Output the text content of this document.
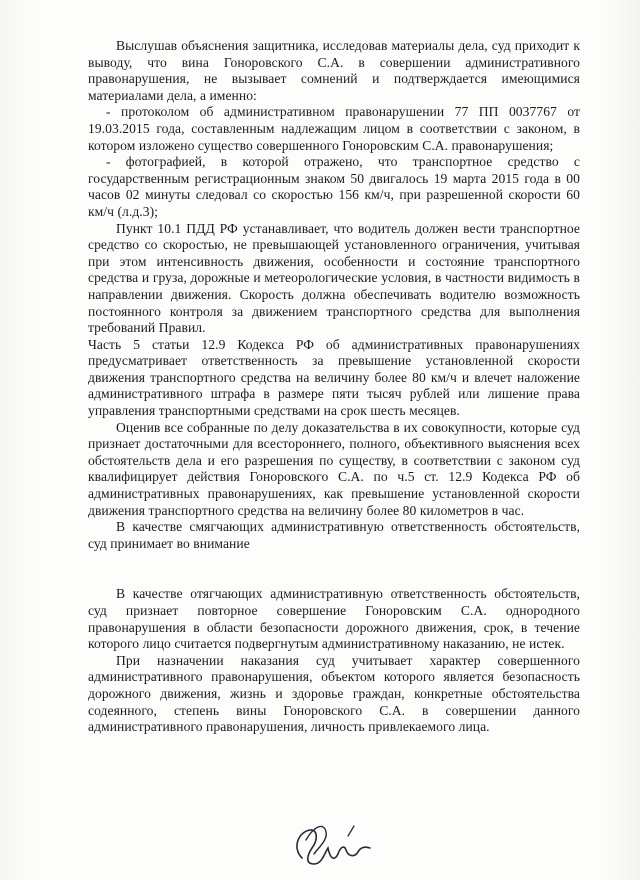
Выслушав объяснения защитника, исследовав материалы дела, суд приходит к выводу, что вина Гоноровского С.А. в совершении административного правонарушения, не вызывает сомнений и подтверждается имеющимися материалами дела, а именно:

- протоколом об административном правонарушении 77 ПП 0037767 от 19.03.2015 года, составленным надлежащим лицом в соответствии с законом, в котором изложено существо совершенного Гоноровским С.А. правонарушения;

- фотографией, в которой отражено, что транспортное средство с государственным регистрационным знаком 50 двигалось 19 марта 2015 года в 00 часов 02 минуты следовал со скоростью 156 км/ч, при разрешенной скорости 60 км/ч (л.д.3);

Пункт 10.1 ПДД РФ устанавливает, что водитель должен вести транспортное средство со скоростью, не превышающей установленного ограничения, учитывая при этом интенсивность движения, особенности и состояние транспортного средства и груза, дорожные и метеорологические условия, в частности видимость в направлении движения. Скорость должна обеспечивать водителю возможность постоянного контроля за движением транспортного средства для выполнения требований Правил.

Часть 5 статьи 12.9 Кодекса РФ об административных правонарушениях предусматривает ответственность за превышение установленной скорости движения транспортного средства на величину более 80 км/ч и влечет наложение административного штрафа в размере пяти тысяч рублей или лишение права управления транспортными средствами на срок шесть месяцев.

Оценив все собранные по делу доказательства в их совокупности, которые суд признает достаточными для всестороннего, полного, объективного выяснения всех обстоятельств дела и его разрешения по существу, в соответствии с законом суд квалифицирует действия Гоноровского С.А. по ч.5 ст. 12.9 Кодекса РФ об административных правонарушениях, как превышение установленной скорости движения транспортного средства на величину более 80 километров в час.

В качестве смягчающих административную ответственность обстоятельств, суд принимает во внимание

В качестве отягчающих административную ответственность обстоятельств, суд признает повторное совершение Гоноровским С.А. однородного правонарушения в области безопасности дорожного движения, срок, в течение которого лицо считается подвергнутым административному наказанию, не истек.

При назначении наказания суд учитывает характер совершенного административного правонарушения, объектом которого является безопасность дорожного движения, жизнь и здоровье граждан, конкретные обстоятельства содеянного, степень вины Гоноровского С.А. в совершении данного административного правонарушения, личность привлекаемого лица.
